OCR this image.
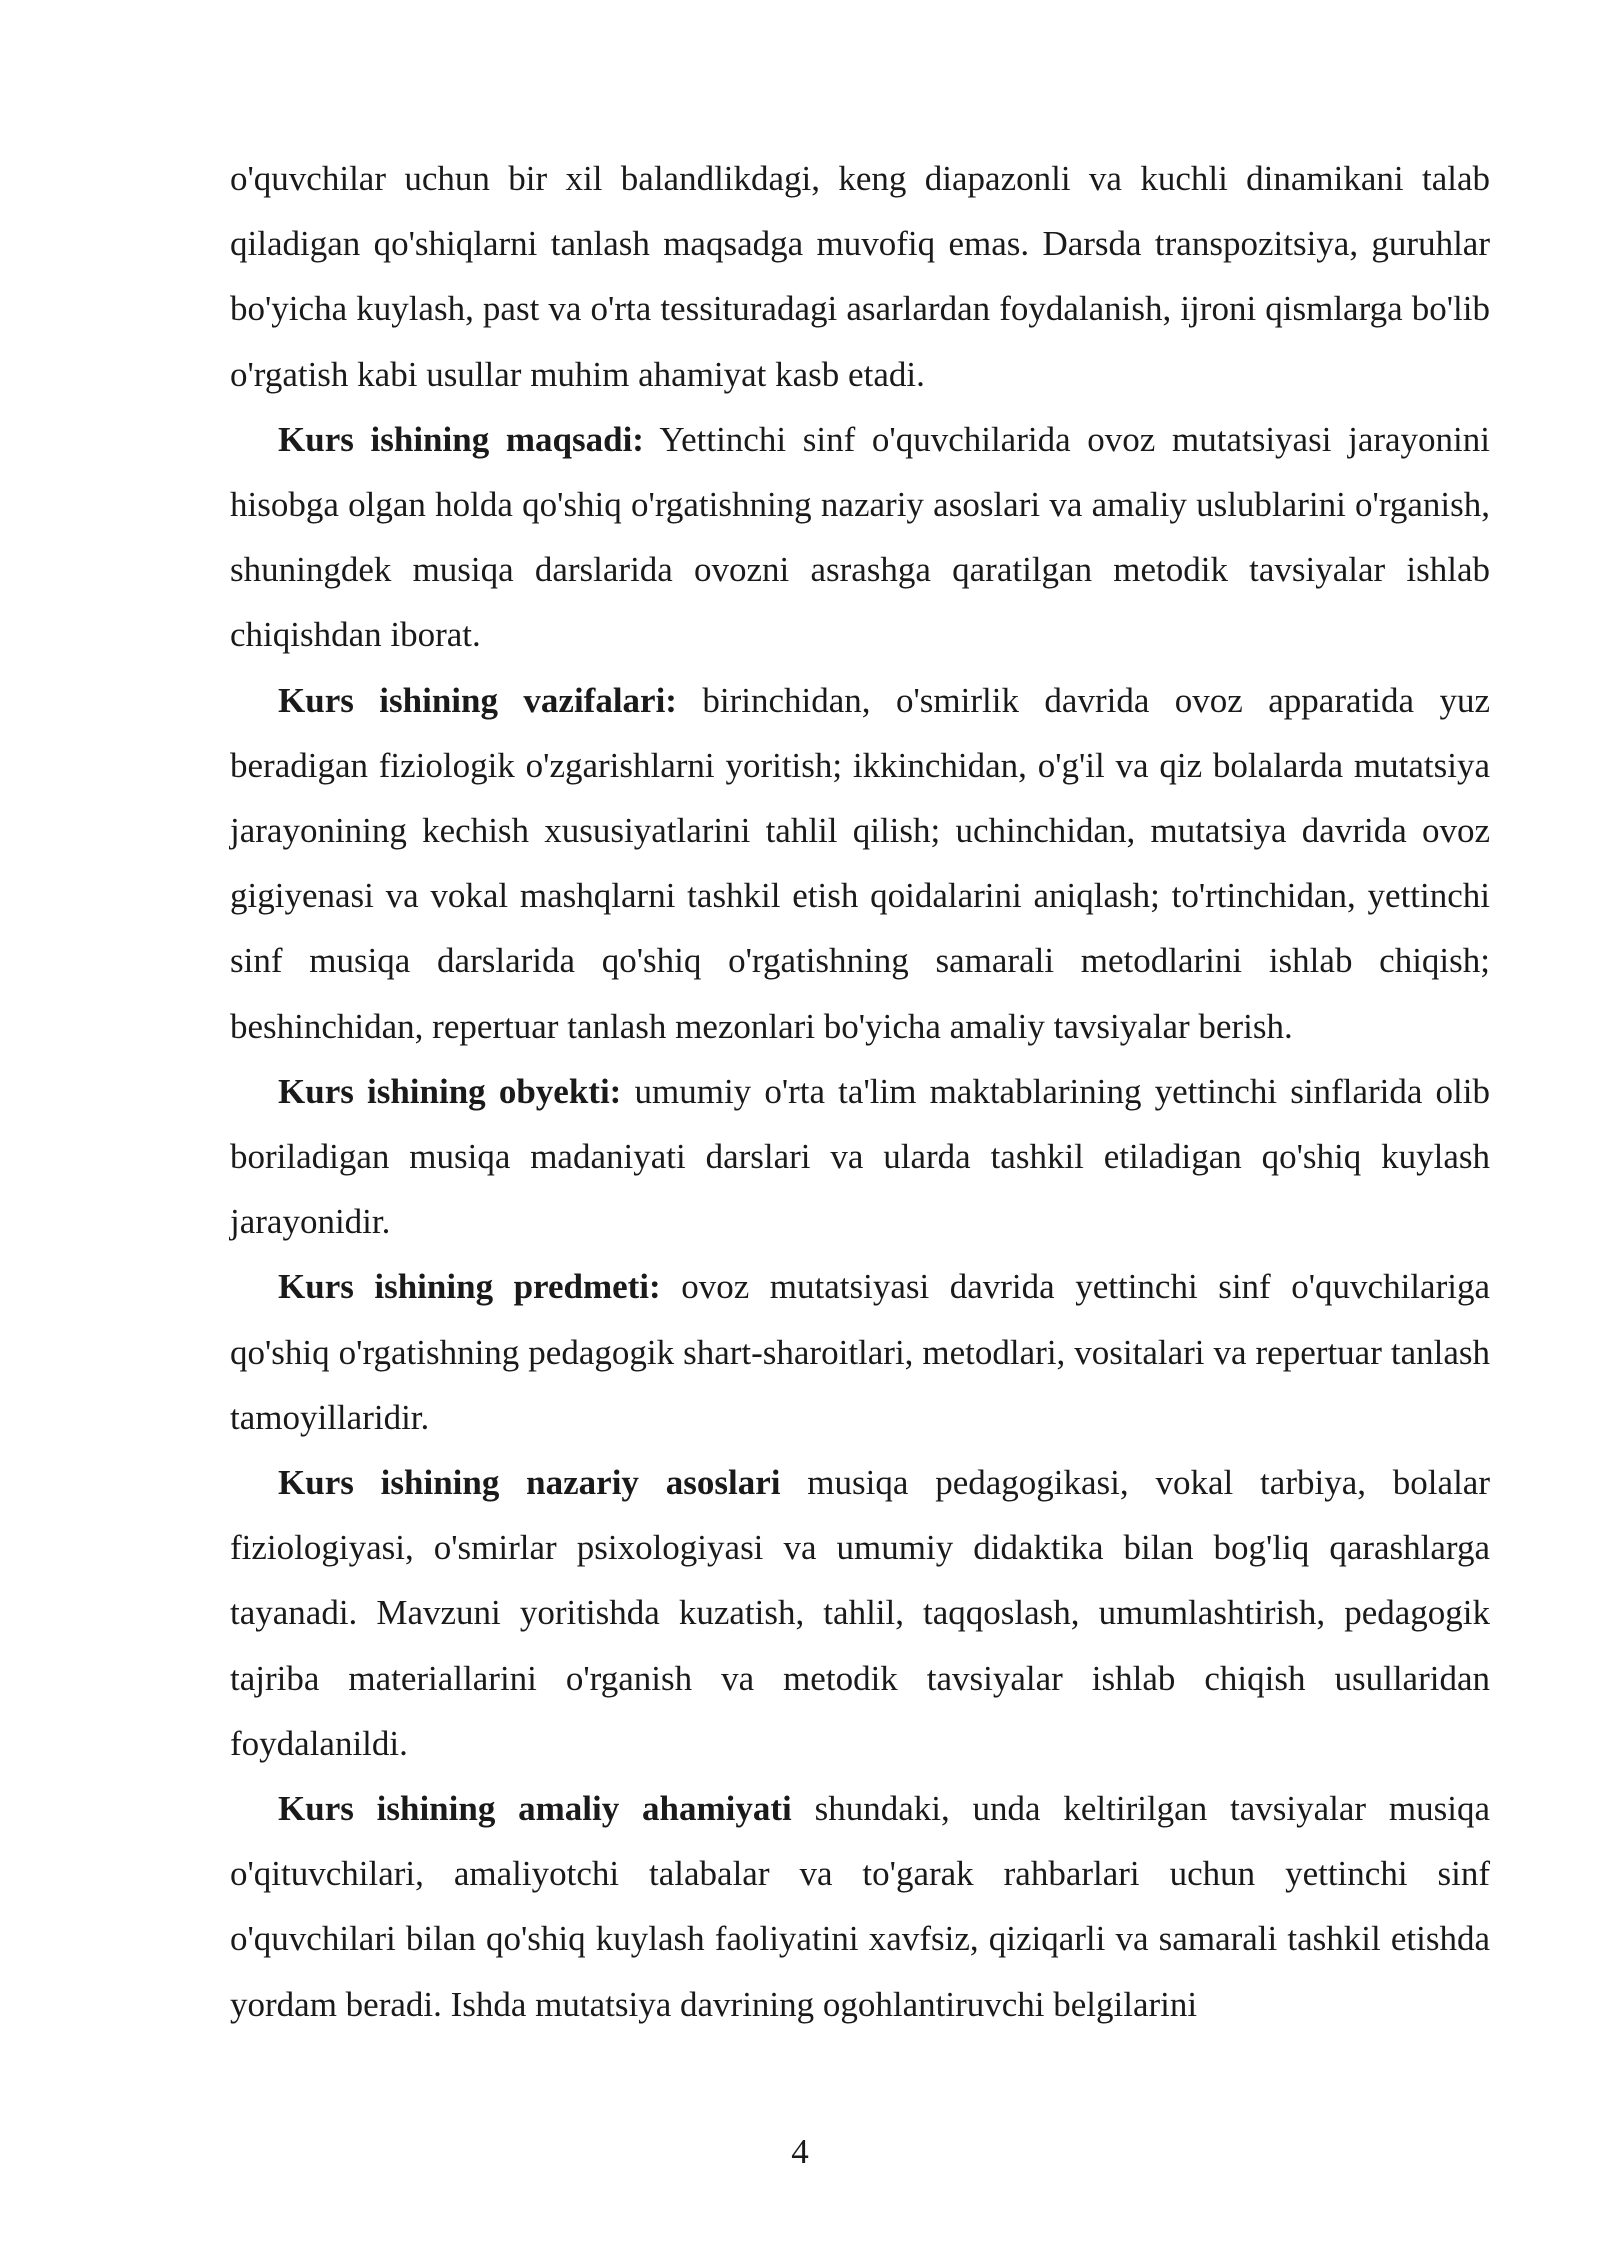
o'quvchilar uchun bir xil balandlikdagi, keng diapazonli va kuchli dinamikani talab qiladigan qo'shiqlarni tanlash maqsadga muvofiq emas. Darsda transpozitsiya, guruhlar bo'yicha kuylash, past va o'rta tessituradagi asarlardan foydalanish, ijroni qismlarga bo'lib o'rgatish kabi usullar muhim ahamiyat kasb etadi.

Kurs ishining maqsadi: Yettinchi sinf o'quvchilarida ovoz mutatsiyasi jarayonini hisobga olgan holda qo'shiq o'rgatishning nazariy asoslari va amaliy uslublarini o'rganish, shuningdek musiqa darslarida ovozni asrashga qaratilgan metodik tavsiyalar ishlab chiqishdan iborat.

Kurs ishining vazifalari: birinchidan, o'smirlik davrida ovoz apparatida yuz beradigan fiziologik o'zgarishlarni yoritish; ikkinchidan, o'g'il va qiz bolalarda mutatsiya jarayonining kechish xususiyatlarini tahlil qilish; uchinchidan, mutatsiya davrida ovoz gigiyenasi va vokal mashqlarni tashkil etish qoidalarini aniqlash; to'rtinchidan, yettinchi sinf musiqa darslarida qo'shiq o'rgatishning samarali metodlarini ishlab chiqish; beshinchidan, repertuar tanlash mezonlari bo'yicha amaliy tavsiyalar berish.

Kurs ishining obyekti: umumiy o'rta ta'lim maktablarining yettinchi sinflarida olib boriladigan musiqa madaniyati darslari va ularda tashkil etiladigan qo'shiq kuylash jarayonidir.

Kurs ishining predmeti: ovoz mutatsiyasi davrida yettinchi sinf o'quvchilariga qo'shiq o'rgatishning pedagogik shart-sharoitlari, metodlari, vositalari va repertuar tanlash tamoyillaridir.

Kurs ishining nazariy asoslari musiqa pedagogikasi, vokal tarbiya, bolalar fiziologiyasi, o'smirlar psixologiyasi va umumiy didaktika bilan bog'liq qarashlarga tayanadi. Mavzuni yoritishda kuzatish, tahlil, taqqoslash, umumlashtirish, pedagogik tajriba materiallarini o'rganish va metodik tavsiyalar ishlab chiqish usullaridan foydalanildi.

Kurs ishining amaliy ahamiyati shundaki, unda keltirilgan tavsiyalar musiqa o'qituvchilari, amaliyotchi talabalar va to'garak rahbarlari uchun yettinchi sinf o'quvchilari bilan qo'shiq kuylash faoliyatini xavfsiz, qiziqarli va samarali tashkil etishda yordam beradi. Ishda mutatsiya davrining ogohlantiruvchi belgilarini

4
